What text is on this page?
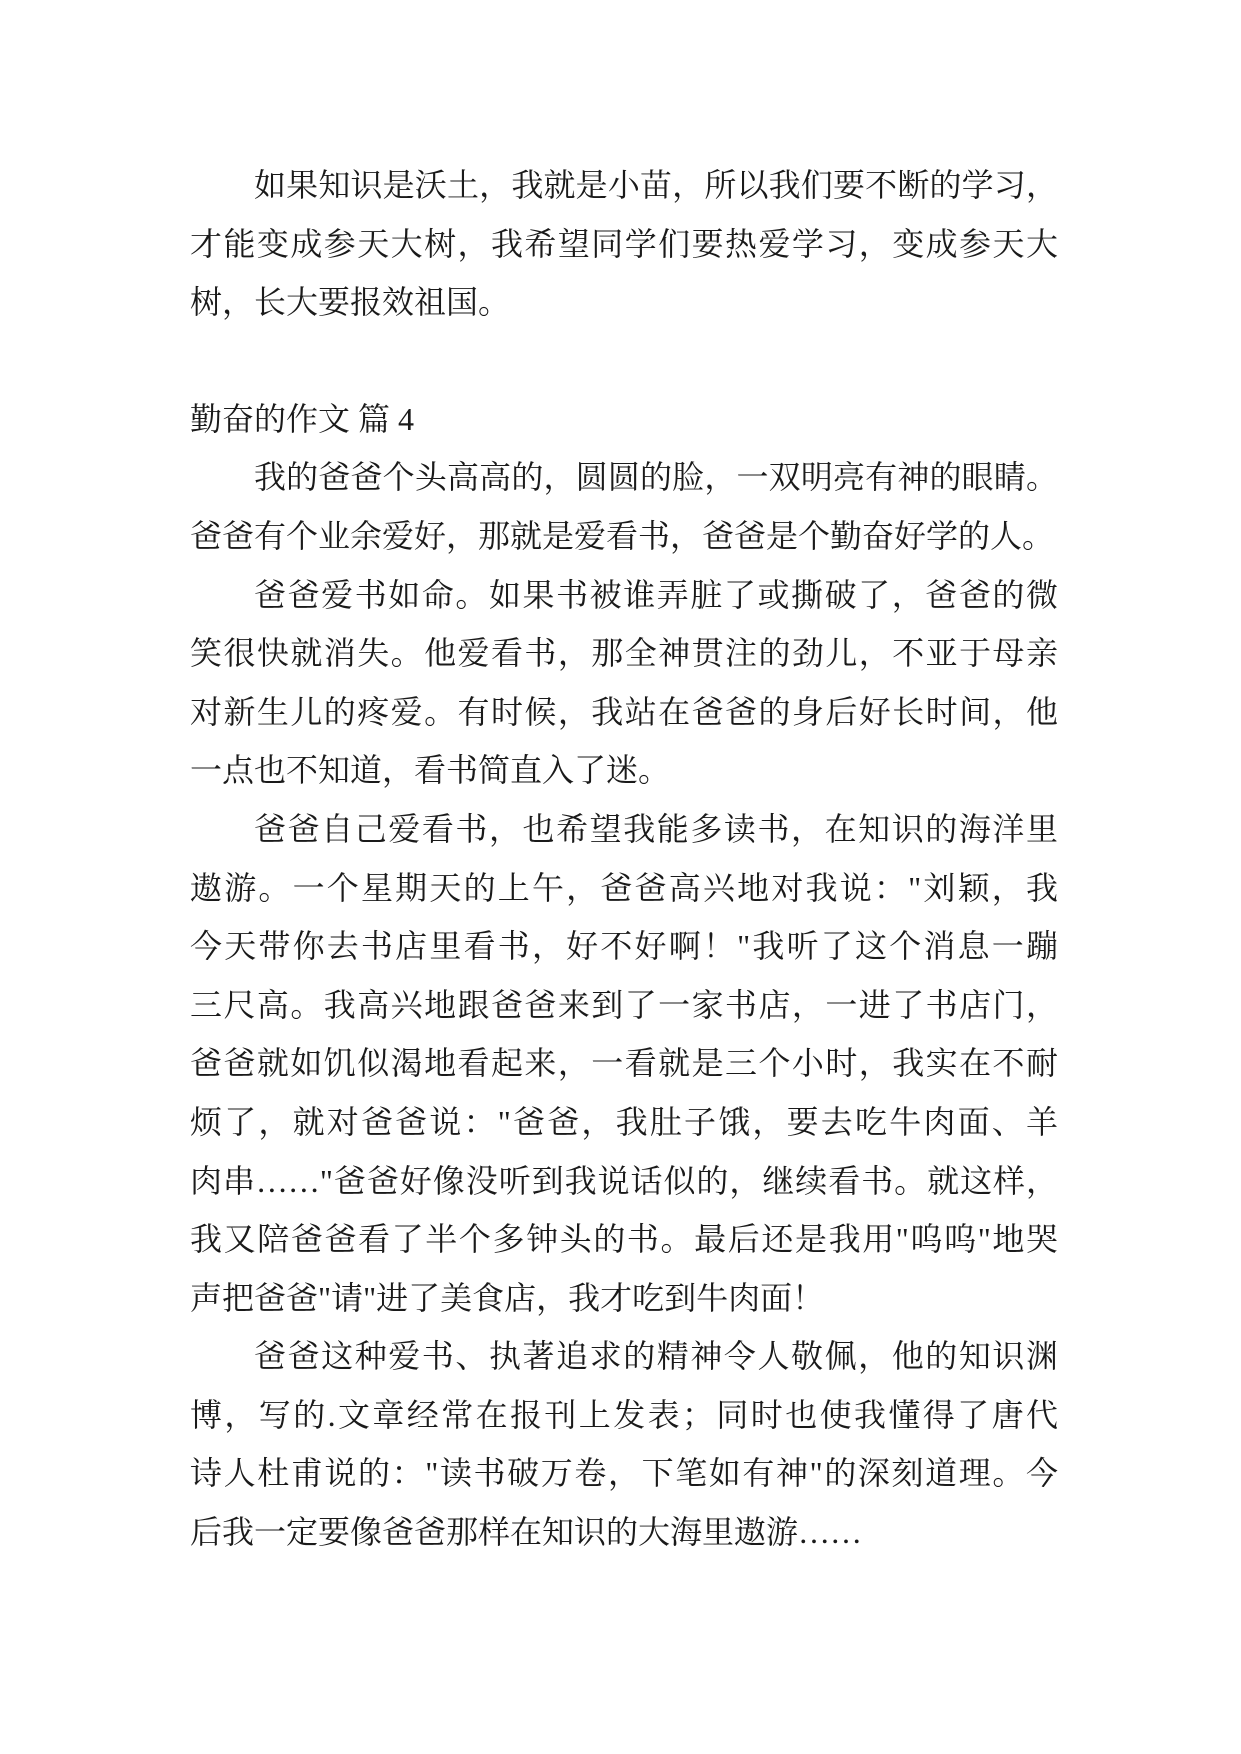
如果知识是沃土，我就是小苗，所以我们要不断的学习，
才能变成参天大树，我希望同学们要热爱学习，变成参天大
树，长大要报效祖国。
勤奋的作文 篇 4
我的爸爸个头高高的，圆圆的脸，一双明亮有神的眼睛。
爸爸有个业余爱好，那就是爱看书，爸爸是个勤奋好学的人。
爸爸爱书如命。如果书被谁弄脏了或撕破了，爸爸的微
笑很快就消失。他爱看书，那全神贯注的劲儿，不亚于母亲
对新生儿的疼爱。有时候，我站在爸爸的身后好长时间，他
一点也不知道，看书简直入了迷。
爸爸自己爱看书，也希望我能多读书，在知识的海洋里
遨游。一个星期天的上午，爸爸高兴地对我说："刘颖，我
今天带你去书店里看书，好不好啊！"我听了这个消息一蹦
三尺高。我高兴地跟爸爸来到了一家书店，一进了书店门，
爸爸就如饥似渴地看起来，一看就是三个小时，我实在不耐
烦了，就对爸爸说："爸爸，我肚子饿，要去吃牛肉面、羊
肉串……"爸爸好像没听到我说话似的，继续看书。就这样，
我又陪爸爸看了半个多钟头的书。最后还是我用"呜呜"地哭
声把爸爸"请"进了美食店，我才吃到牛肉面！
爸爸这种爱书、执著追求的精神令人敬佩，他的知识渊
博，写的.文章经常在报刊上发表；同时也使我懂得了唐代
诗人杜甫说的："读书破万卷，下笔如有神"的深刻道理。今
后我一定要像爸爸那样在知识的大海里遨游……
